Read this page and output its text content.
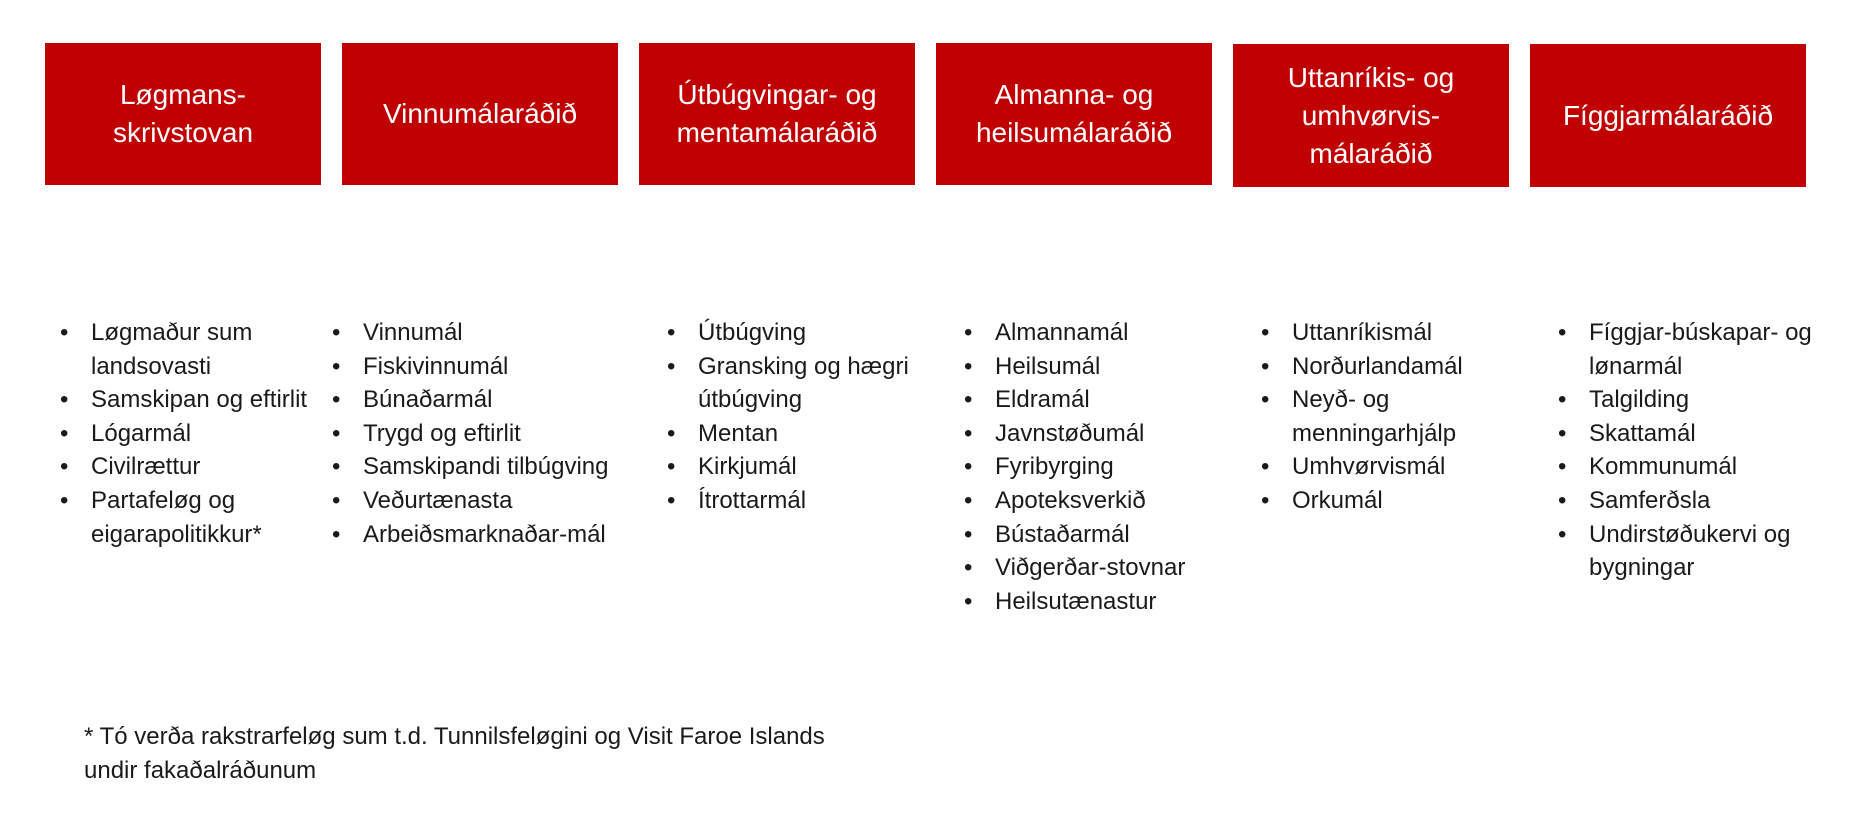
Løgmans-
skrivstovan
Vinnumálaráðið
Útbúgvingar- og
mentamálaráðið
Almanna- og
heilsumálaráðið
Uttanríkis- og
umhvørvis-
málaráðið
Fíggjarmálaráðið
• Løgmaður sum landsovasti
• Samskipan og eftirlit
• Lógarmál
• Civilrættur
• Partafeløg og eigarapolitikkur*
• Vinnumál
• Fiskivinnumál
• Búnaðarmál
• Trygd og eftirlit
• Samskipandi tilbúgving
• Veðurtænasta
• Arbeiðsmarknaðar-mál
• Útbúgving
• Gransking og hægri útbúgving
• Mentan
• Kirkjumál
• Ítrottarmál
• Almannamál
• Heilsumál
• Eldramál
• Javnstøðumál
• Fyribyrging
• Apoteksverkið
• Bústaðarmál
• Viðgerðar-stovnar
• Heilsutænastur
• Uttanríkismál
• Norðurlandamál
• Neyð- og menningarhjálp
• Umhvørvismál
• Orkumál
• Fíggjar-búskapar- og lønarmál
• Talgilding
• Skattamál
• Kommunumál
• Samferðsla
• Undirstøðukervi og bygningar

* Tó verða rakstrarfeløg sum t.d. Tunnilsfeløgini og Visit Faroe Islands undir fakaðalráðunum
